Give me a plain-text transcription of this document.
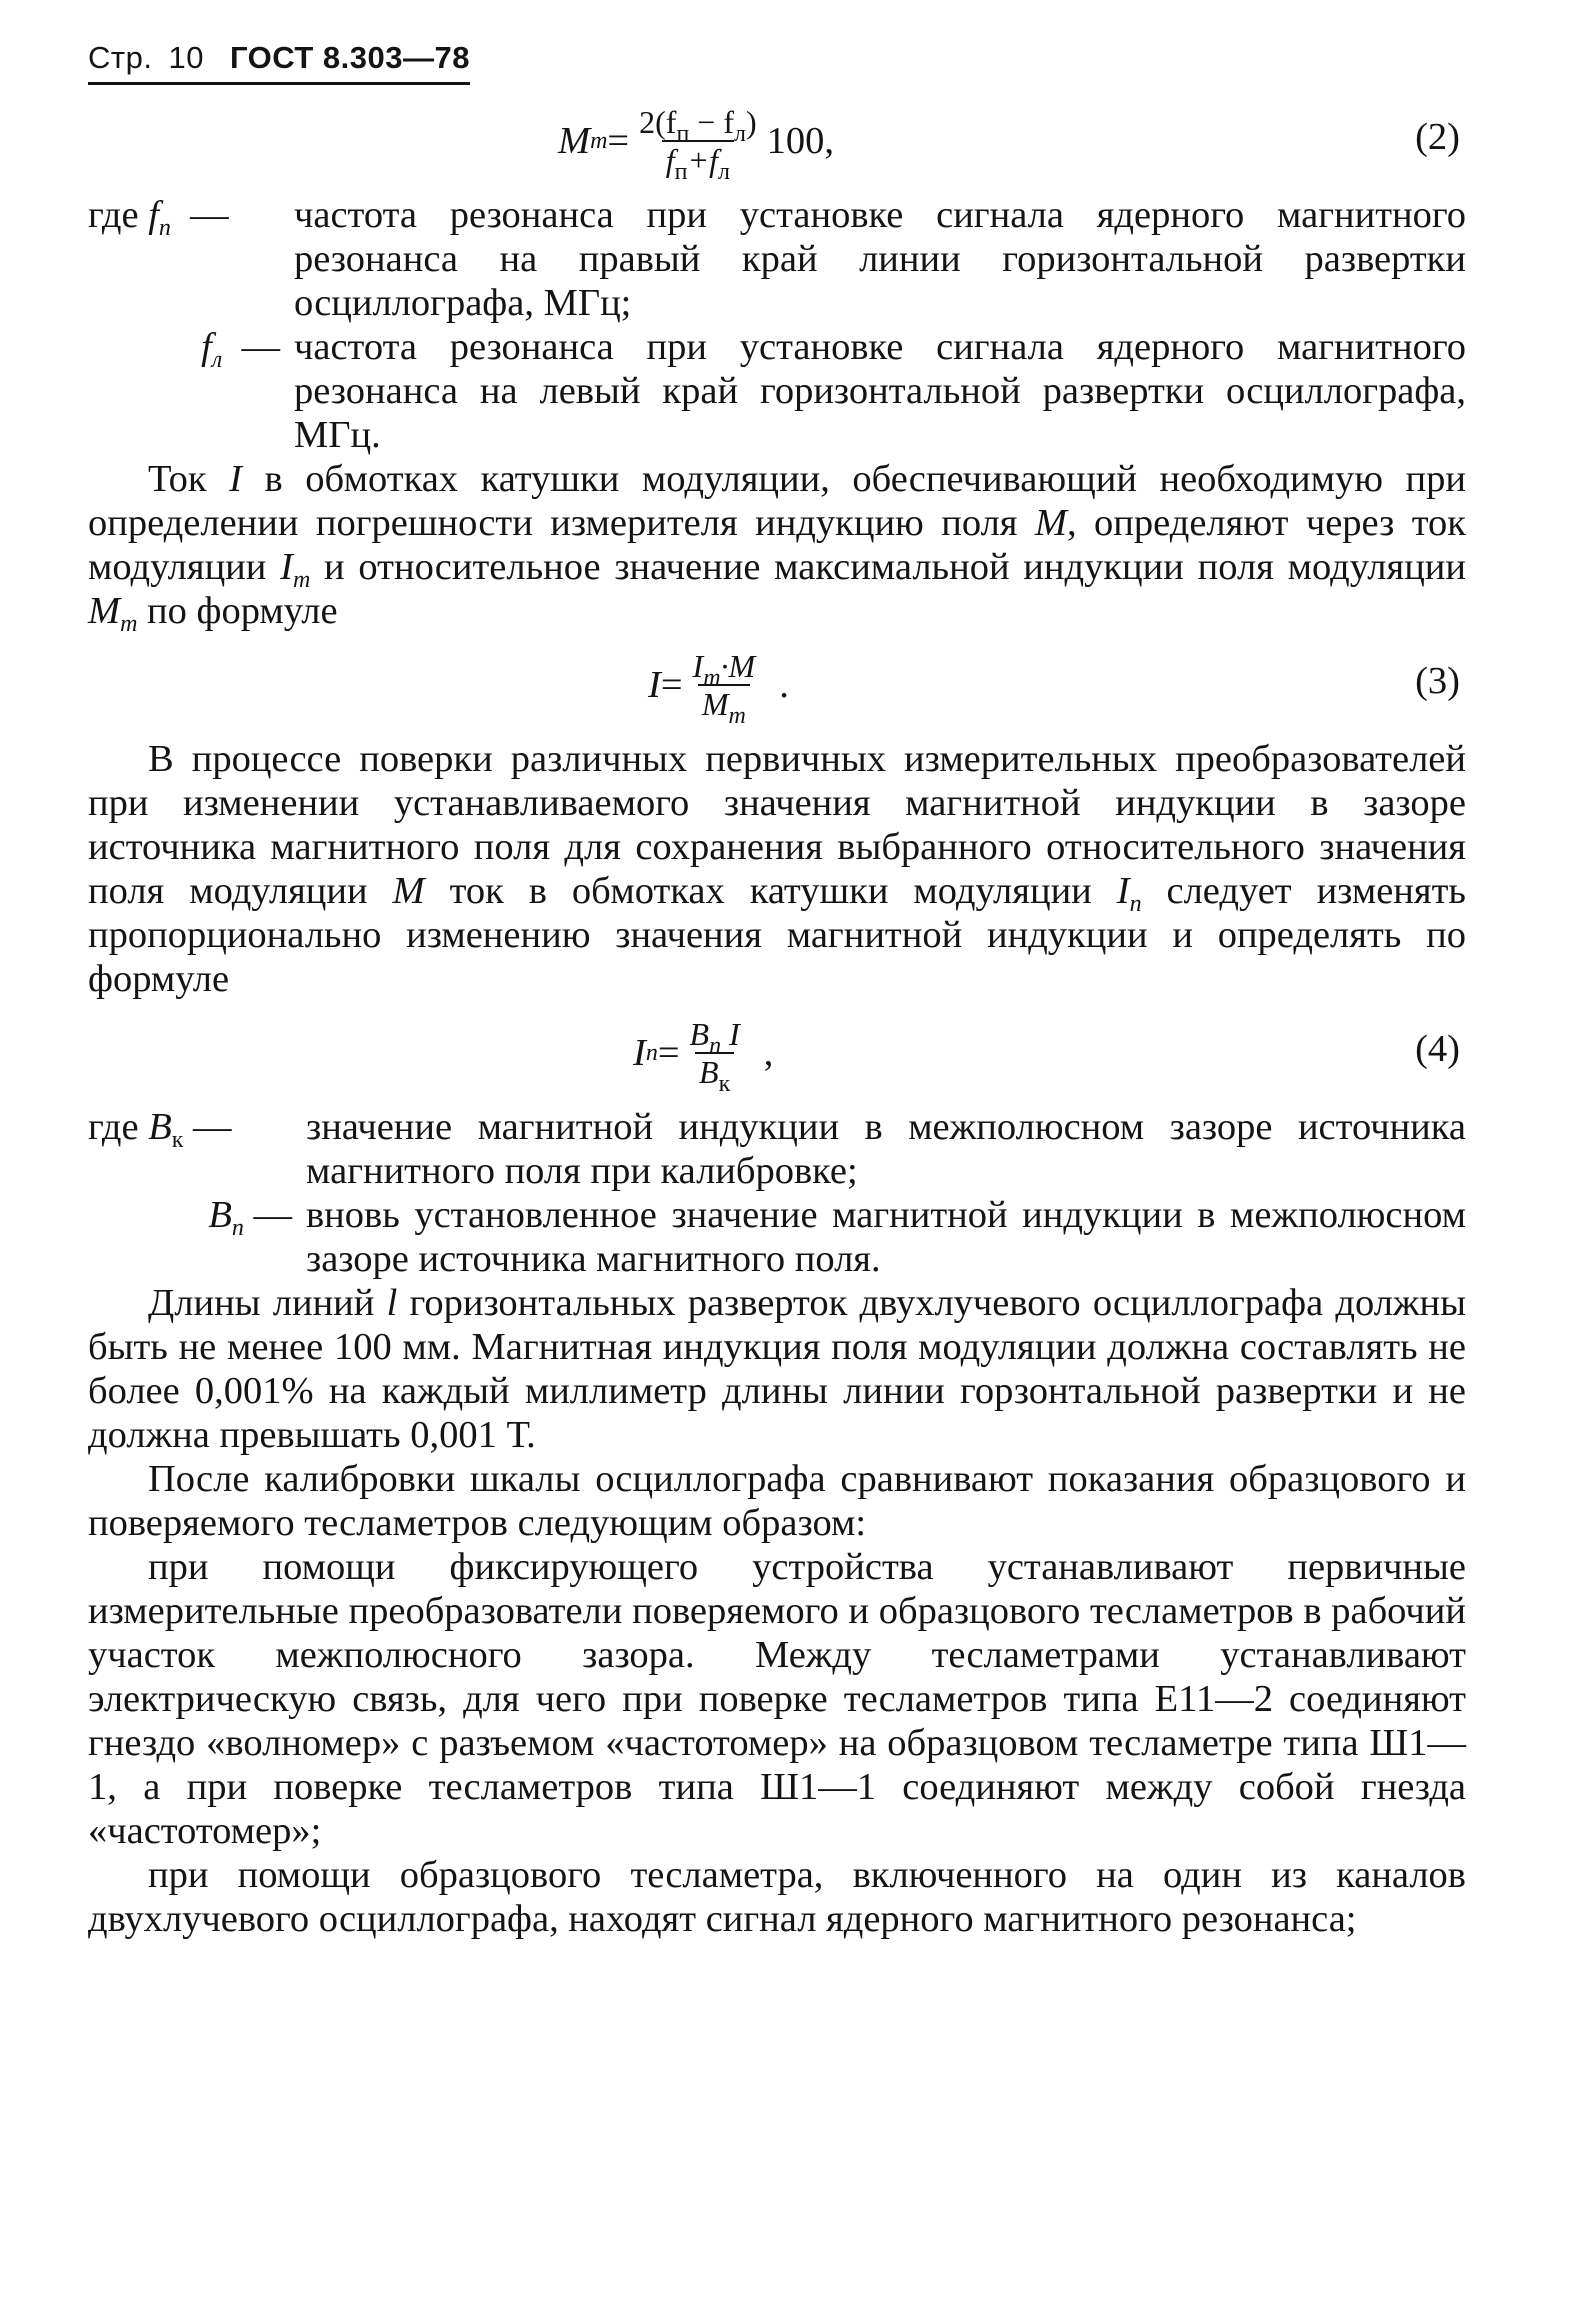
Стр. 10 ГОСТ 8.303—78
M $m = \frac{2(f_п - f_л)}{f_п+f_л} 100$,	(2)
где $f_п$ —	частота резонанса при установке сигнала ядерного магнитного резонанса на правый край линии горизонтальной развертки осциллографа, МГц;
$f_л$ — частота резонанса при установке сигнала ядерного магнитного резонанса на левый край горизонтальной развертки осциллографа, МГц.

Ток I в обмотках катушки модуляции, обеспечивающий необходимую при определении погрешности измерителя индукцию поля M, определяют через ток модуляции $I_m$ и относительное значение максимальной индукции поля модуляции $M_m$ по формуле

$I = \frac{I_m\cdot M}{M_m}$ .	(3)

В процессе поверки различных первичных измерительных преобразователей при изменении устанавливаемого значения магнитной индукции в зазоре источника магнитного поля для сохранения выбранного относительного значения поля модуляции M ток в обмотках катушки модуляции $I_n$ следует изменять пропорционально изменению значения магнитной индукции и определять по формуле

I $n = \frac{B_n I}{B_к}$ ,	(4)
где $B_к$ —	значение магнитной индукции в межполюсном зазоре источника магнитного поля при калибровке;
$B_n$ — вновь установленное значение магнитной индукции в межполюсном зазоре источника магнитного поля.

Длины линий l горизонтальных разверток двухлучевого осциллографа должны быть не менее 100 мм. Магнитная индукция поля модуляции должна составлять не более 0,001% на каждый миллиметр длины линии горзонтальной развертки и не должна превышать 0,001 Т.

После калибровки шкалы осциллографа сравнивают показания образцового и поверяемого тесламетров следующим образом:

при помощи фиксирующего устройства устанавливают первичные измерительные преобразователи поверяемого и образцового тесламетров в рабочий участок межполюсного зазора. Между тесламетрами устанавливают электрическую связь, для чего при поверке тесламетров типа Е11—2 соединяют гнездо «волномер» с разъемом «частотомер» на образцовом тесламетре типа Ш1—1, а при поверке тесламетров типа Ш1—1 соединяют между собой гнезда «частотомер»;

при помощи образцового тесламетра, включенного на один из каналов двухлучевого осциллографа, находят сигнал ядерного магнитного резонанса;
